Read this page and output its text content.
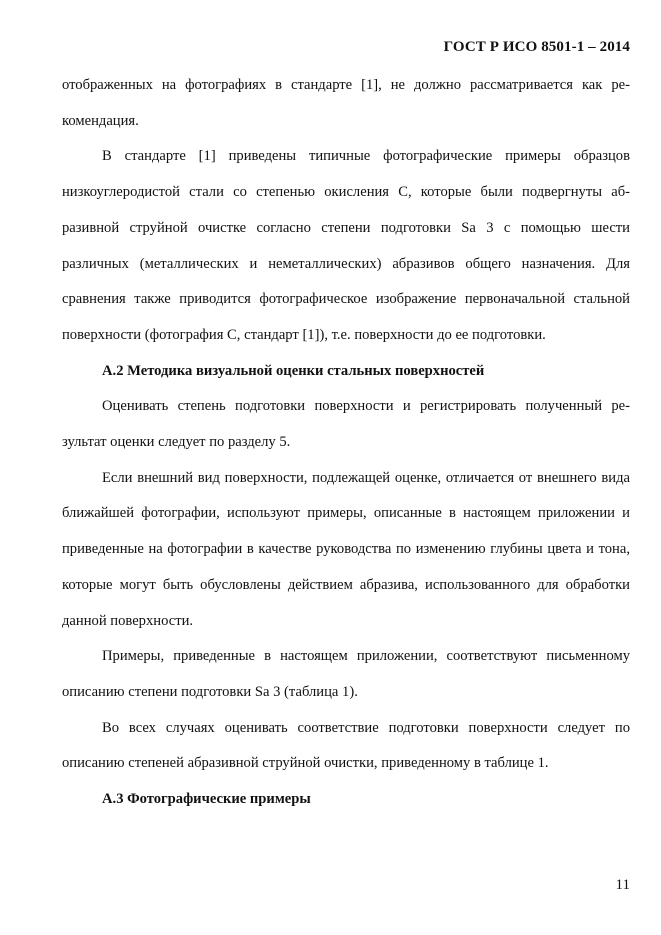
ГОСТ Р ИСО 8501-1 – 2014

отображенных на фотографиях в стандарте [1], не должно рассматривается как рекомендация.

В стандарте [1] приведены типичные фотографические примеры образцов низкоуглеродистой стали со степенью окисления С, которые были подвергнуты абразивной струйной очистке согласно степени подготовки Sa 3 с помощью шести различных (металлических и неметаллических) абразивов общего назначения. Для сравнения также приводится фотографическое изображение первоначальной стальной поверхности (фотография С, стандарт [1]), т.е. поверхности до ее подготовки.

А.2 Методика визуальной оценки стальных поверхностей

Оценивать степень подготовки поверхности и регистрировать полученный результат оценки следует по разделу 5.

Если внешний вид поверхности, подлежащей оценке, отличается от внешнего вида ближайшей фотографии, используют примеры, описанные в настоящем приложении и приведенные на фотографии в качестве руководства по изменению глубины цвета и тона, которые могут быть обусловлены действием абразива, использованного для обработки данной поверхности.

Примеры, приведенные в настоящем приложении, соответствуют письменному описанию степени подготовки Sa 3 (таблица 1).

Во всех случаях оценивать соответствие подготовки поверхности следует по описанию степеней абразивной струйной очистки, приведенному в таблице 1.

А.3 Фотографические примеры

11
